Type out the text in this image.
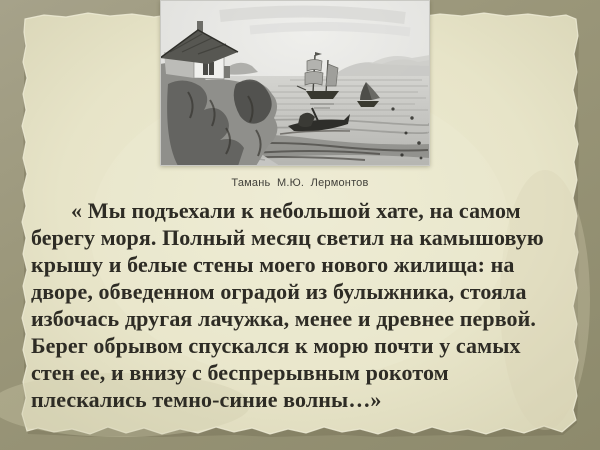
Тамань  М.Ю.  Лермонтов
« Мы подъехали к небольшой хате, на самом
берегу моря. Полный месяц светил на камышовую
крышу и белые стены моего нового жилища: на
дворе, обведенном оградой из булыжника, стояла
избочась другая лачужка, менее и древнее первой.
Берег обрывом спускался к морю почти у самых
стен ее, и внизу с беспрерывным рокотом
плескались темно-синие волны…»
